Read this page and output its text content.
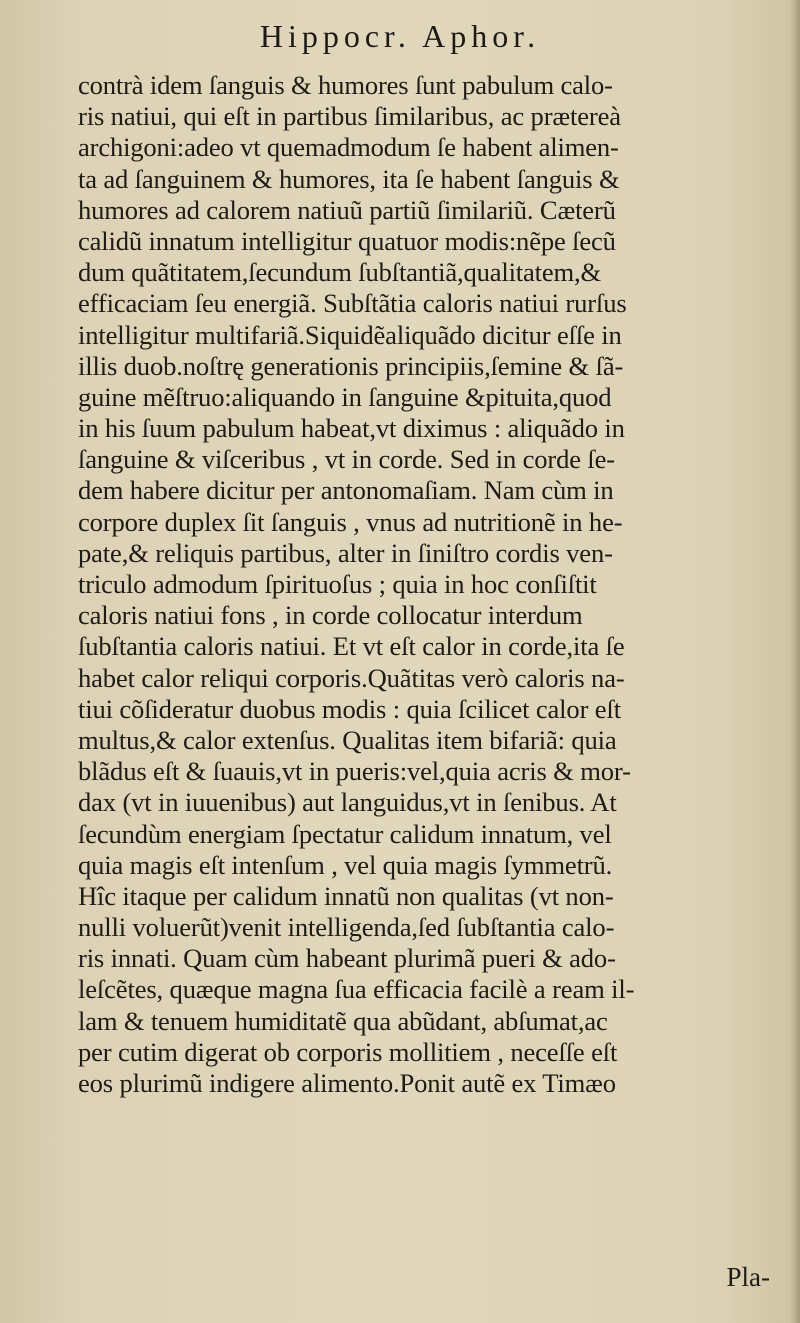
Hippocr. Aphor.
contrà idem ſanguis & humores ſunt pabulum calo-
ris natiui, qui eſt in partibus ſimilaribus, ac prætereà
archigoni:adeo vt quemadmodum ſe habent alimen-
ta ad ſanguinem & humores, ita ſe habent ſanguis &
humores ad calorem natiuũ partiũ ſimilariũ. Cæterũ
calidũ innatum intelligitur quatuor modis:nẽpe ſecũ
dum quãtitatem,ſecundum ſubſtantiã,qualitatem,&
efficaciam ſeu energiã. Subſtãtia caloris natiui rurſus
intelligitur multifariã.Siquidẽaliquãdo dicitur eſſe in
illis duob.noſtrę generationis principiis,ſemine & ſã-
guine mẽſtruo:aliquando in ſanguine &pituita,quod
in his ſuum pabulum habeat,vt diximus : aliquãdo in
ſanguine & viſceribus , vt in corde. Sed in corde ſe-
dem habere dicitur per antonomaſiam. Nam cùm in
corpore duplex ſit ſanguis , vnus ad nutritionẽ in he-
pate,& reliquis partibus, alter in ſiniſtro cordis ven-
triculo admodum ſpirituoſus ; quia in hoc conſiſtit
caloris natiui fons , in corde collocatur interdum
ſubſtantia caloris natiui. Et vt eſt calor in corde,ita ſe
habet calor reliqui corporis.Quãtitas verò caloris na-
tiui cõſideratur duobus modis : quia ſcilicet calor eſt
multus,& calor extenſus. Qualitas item bifariã: quia
blãdus eſt & ſuauis,vt in pueris:vel,quia acris & mor-
dax (vt in iuuenibus) aut languidus,vt in ſenibus. At
ſecundùm energiam ſpectatur calidum innatum, vel
quia magis eſt intenſum , vel quia magis ſymmetrũ.
Hîc itaque per calidum innatũ non qualitas (vt non-
nulli voluerũt)venit intelligenda,ſed ſubſtantia calo-
ris innati. Quam cùm habeant plurimã pueri & ado-
leſcẽtes, quæque magna ſua efficacia facilè a ream il-
lam & tenuem humiditatẽ qua abũdant, abſumat,ac
per cutim digerat ob corporis mollitiem , neceſſe eſt
eos plurimũ indigere alimento.Ponit autẽ ex Timæo
Pla-
